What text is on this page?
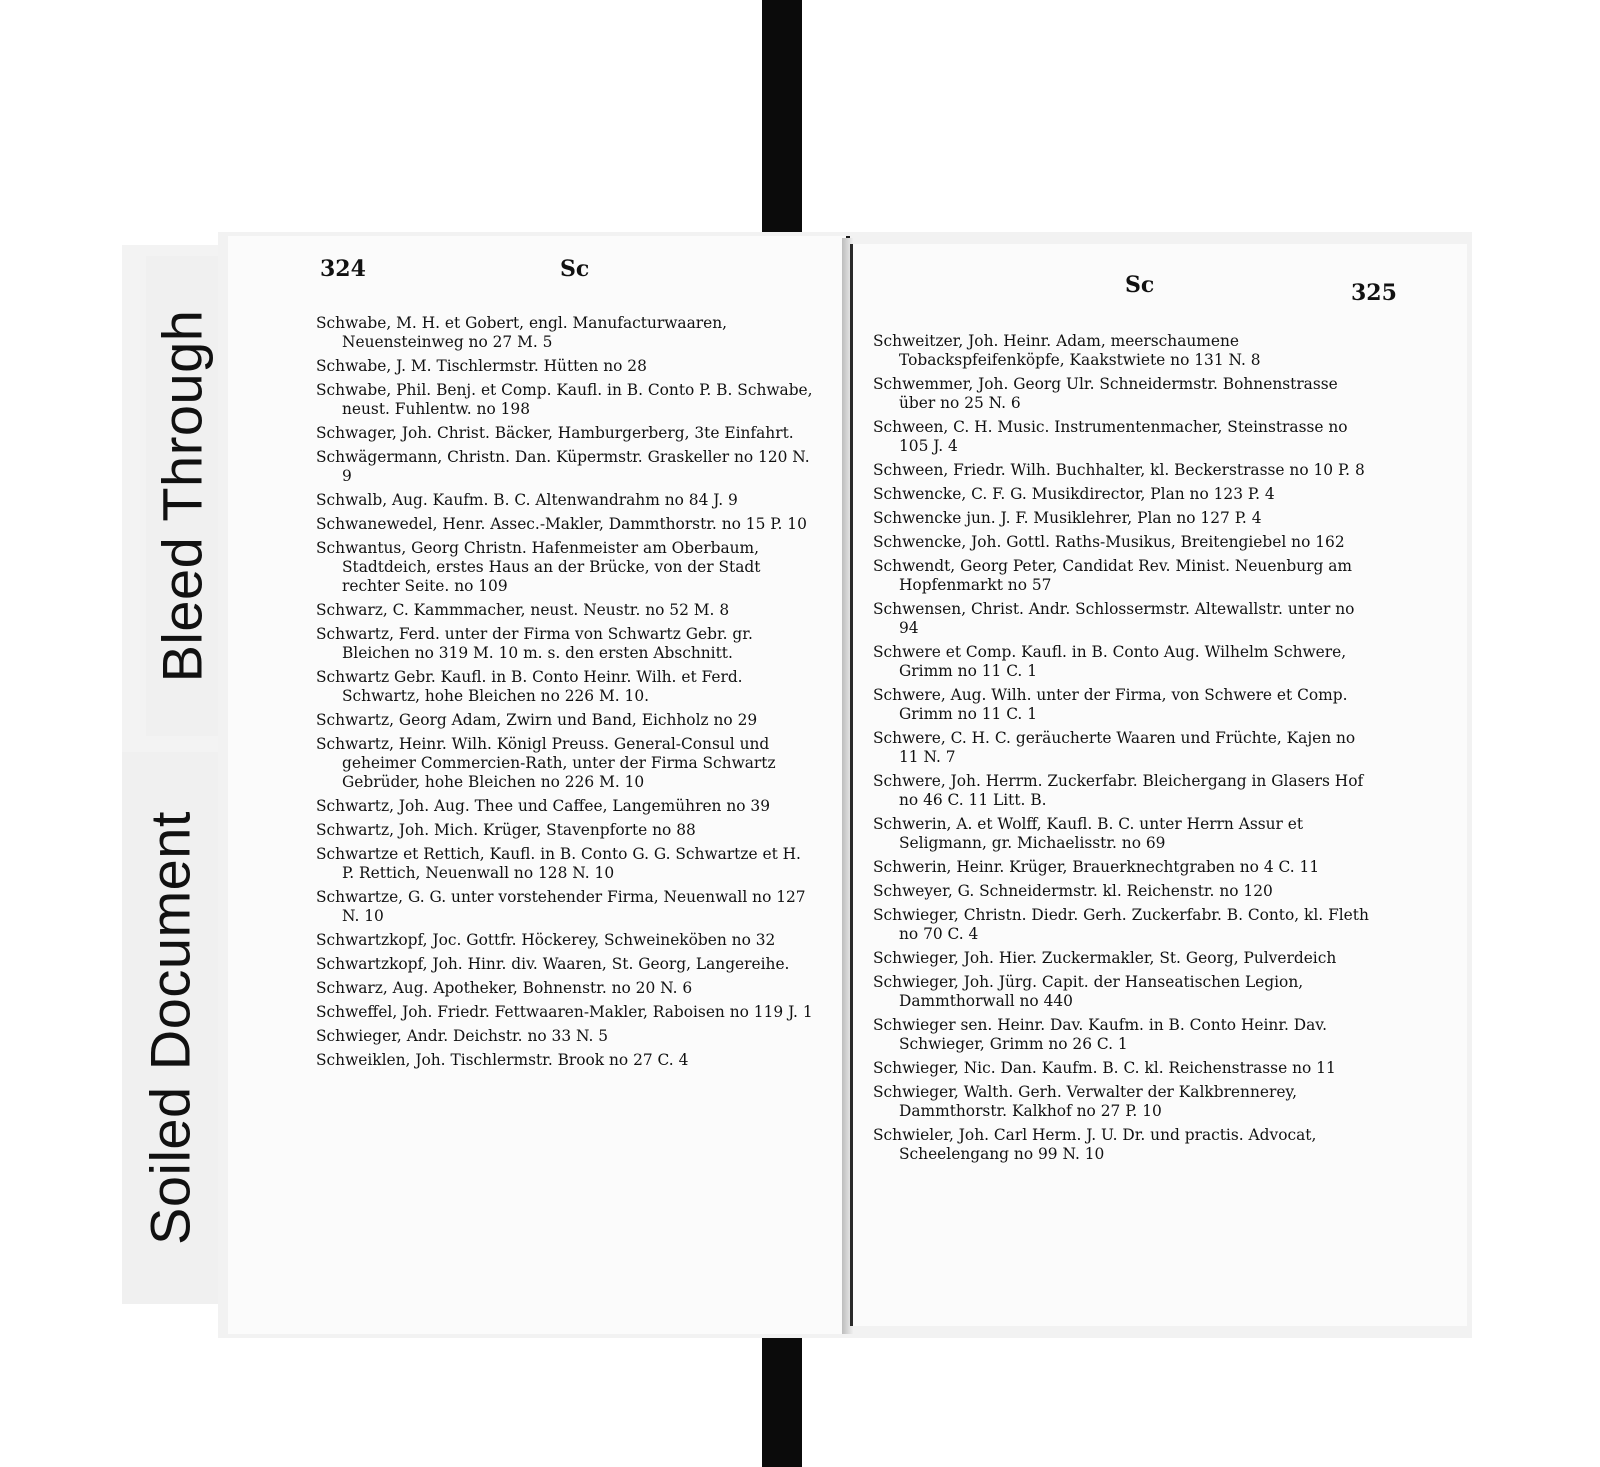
Bleed Through
Soiled Document
324	Sc
Schwabe, M. H. et Gobert, engl. Manufacturwaaren, Neuensteinweg no 27 M. 5
Schwabe, J. M. Tischlermstr. Hütten no 28
Schwabe, Phil. Benj. et Comp. Kaufl. in B. Conto P. B. Schwabe, neust. Fuhlentw. no 198
Schwager, Joh. Christ. Bäcker, Hamburgerberg, 3te Einfahrt.
Schwägermann, Christn. Dan. Küpermstr. Graskeller no 120 N. 9
Schwalb, Aug. Kaufm. B. C. Altenwandrahm no 84 J. 9
Schwanewedel, Henr. Assec.-Makler, Dammthorstr. no 15 P. 10
Schwantus, Georg Christn. Hafenmeister am Oberbaum, Stadtdeich, erstes Haus an der Brücke, von der Stadt rechter Seite. no 109
Schwarz, C. Kammmacher, neust. Neustr. no 52 M. 8
Schwartz, Ferd. unter der Firma von Schwartz Gebr. gr. Bleichen no 319 M. 10 m. s. den ersten Abschnitt.
Schwartz Gebr. Kaufl. in B. Conto Heinr. Wilh. et Ferd. Schwartz, hohe Bleichen no 226 M. 10.
Schwartz, Georg Adam, Zwirn und Band, Eichholz no 29
Schwartz, Heinr. Wilh. Königl Preuss. General-Consul und geheimer Commercien-Rath, unter der Firma Schwartz Gebrüder, hohe Bleichen no 226 M. 10
Schwartz, Joh. Aug. Thee und Caffee, Langemühren no 39
Schwartz, Joh. Mich. Krüger, Stavenpforte no 88
Schwartze et Rettich, Kaufl. in B. Conto G. G. Schwartze et H. P. Rettich, Neuenwall no 128 N. 10
Schwartze, G. G. unter vorstehender Firma, Neuenwall no 127 N. 10
Schwartzkopf, Joc. Gottfr. Höckerey, Schweineköben no 32
Schwartzkopf, Joh. Hinr. div. Waaren, St. Georg, Langereihe.
Schwarz, Aug. Apotheker, Bohnenstr. no 20 N. 6
Schweffel, Joh. Friedr. Fettwaaren-Makler, Raboisen no 119 J. 1
Schwieger, Andr. Deichstr. no 33 N. 5
Schweiklen, Joh. Tischlermstr. Brook no 27 C. 4
Sc	325
Schweitzer, Joh. Heinr. Adam, meerschaumene Tobackspfeifenköpfe, Kaakstwiete no 131 N. 8
Schwemmer, Joh. Georg Ulr. Schneidermstr. Bohnenstrasse über no 25 N. 6
Schween, C. H. Music. Instrumentenmacher, Steinstrasse no 105 J. 4
Schween, Friedr. Wilh. Buchhalter, kl. Beckerstrasse no 10 P. 8
Schwencke, C. F. G. Musikdirector, Plan no 123 P. 4
Schwencke jun. J. F. Musiklehrer, Plan no 127 P. 4
Schwencke, Joh. Gottl. Raths-Musikus, Breitengiebel no 162
Schwendt, Georg Peter, Candidat Rev. Minist. Neuenburg am Hopfenmarkt no 57
Schwensen, Christ. Andr. Schlossermstr. Altewallstr. unter no 94
Schwere et Comp. Kaufl. in B. Conto Aug. Wilhelm Schwere, Grimm no 11 C. 1
Schwere, Aug. Wilh. unter der Firma, von Schwere et Comp. Grimm no 11 C. 1
Schwere, C. H. C. geräucherte Waaren und Früchte, Kajen no 11 N. 7
Schwere, Joh. Herrm. Zuckerfabr. Bleichergang in Glasers Hof no 46 C. 11 Litt. B.
Schwerin, A. et Wolff, Kaufl. B. C. unter Herrn Assur et Seligmann, gr. Michaelisstr. no 69
Schwerin, Heinr. Krüger, Brauerknechtgraben no 4 C. 11
Schweyer, G. Schneidermstr. kl. Reichenstr. no 120
Schwieger, Christn. Diedr. Gerh. Zuckerfabr. B. Conto, kl. Fleth no 70 C. 4
Schwieger, Joh. Hier. Zuckermakler, St. Georg, Pulverdeich
Schwieger, Joh. Jürg. Capit. der Hanseatischen Legion, Dammthorwall no 440
Schwieger sen. Heinr. Dav. Kaufm. in B. Conto Heinr. Dav. Schwieger, Grimm no 26 C. 1
Schwieger, Nic. Dan. Kaufm. B. C. kl. Reichenstrasse no 11
Schwieger, Walth. Gerh. Verwalter der Kalkbrennerey, Dammthorstr. Kalkhof no 27 P. 10
Schwieler, Joh. Carl Herm. J. U. Dr. und practis. Advocat, Scheelengang no 99 N. 10
